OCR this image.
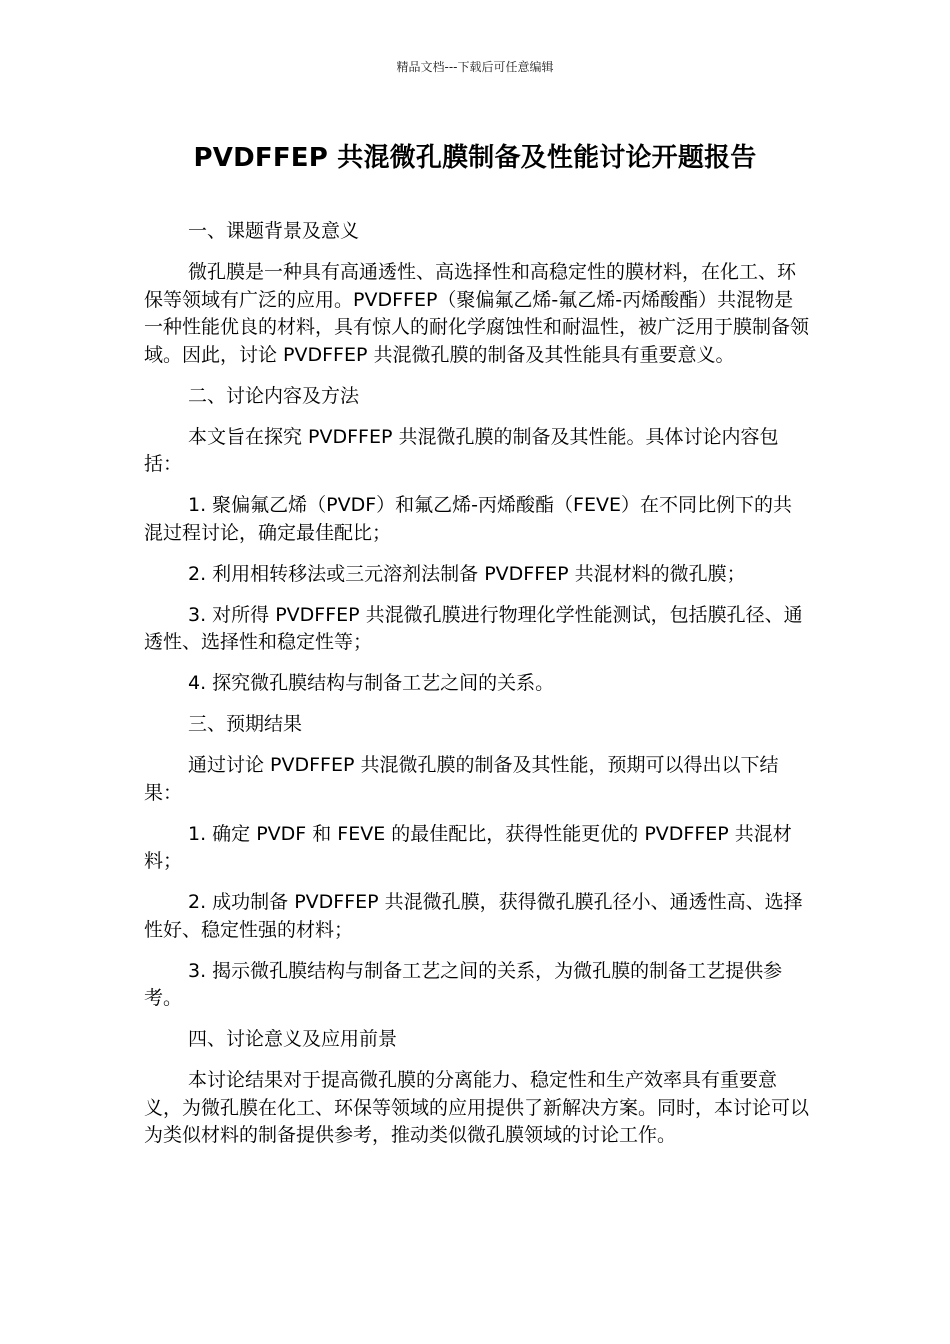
精品文档---下载后可任意编辑
PVDFFEP 共混微孔膜制备及性能讨论开题报告

一、课题背景及意义

微孔膜是一种具有高通透性、高选择性和高稳定性的膜材料，在化工、环保等领域有广泛的应用。PVDFFEP（聚偏氟乙烯-氟乙烯-丙烯酸酯）共混物是一种性能优良的材料，具有惊人的耐化学腐蚀性和耐温性，被广泛用于膜制备领域。因此，讨论 PVDFFEP 共混微孔膜的制备及其性能具有重要意义。

二、讨论内容及方法

本文旨在探究 PVDFFEP 共混微孔膜的制备及其性能。具体讨论内容包括：

1. 聚偏氟乙烯（PVDF）和氟乙烯-丙烯酸酯（FEVE）在不同比例下的共混过程讨论，确定最佳配比；

2. 利用相转移法或三元溶剂法制备 PVDFFEP 共混材料的微孔膜；

3. 对所得 PVDFFEP 共混微孔膜进行物理化学性能测试，包括膜孔径、通透性、选择性和稳定性等；

4. 探究微孔膜结构与制备工艺之间的关系。

三、预期结果

通过讨论 PVDFFEP 共混微孔膜的制备及其性能，预期可以得出以下结果：

1. 确定 PVDF 和 FEVE 的最佳配比，获得性能更优的 PVDFFEP 共混材料；

2. 成功制备 PVDFFEP 共混微孔膜，获得微孔膜孔径小、通透性高、选择性好、稳定性强的材料；

3. 揭示微孔膜结构与制备工艺之间的关系，为微孔膜的制备工艺提供参考。

四、讨论意义及应用前景

本讨论结果对于提高微孔膜的分离能力、稳定性和生产效率具有重要意义，为微孔膜在化工、环保等领域的应用提供了新解决方案。同时，本讨论可以为类似材料的制备提供参考，推动类似微孔膜领域的讨论工作。
